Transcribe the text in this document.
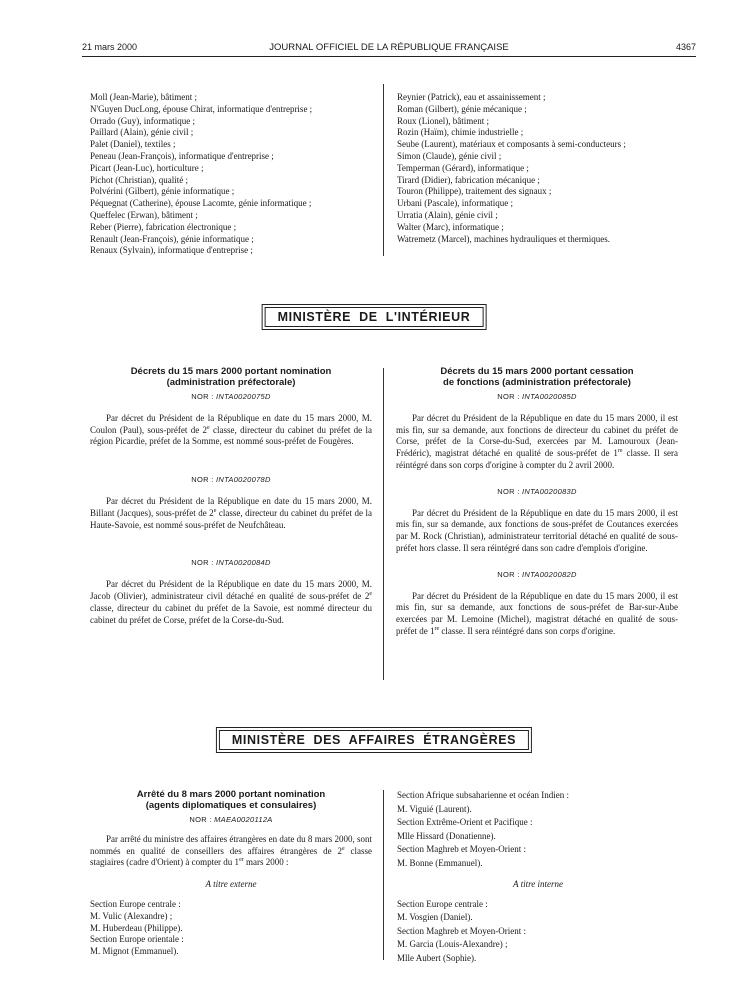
21 mars 2000	JOURNAL OFFICIEL DE LA RÉPUBLIQUE FRANÇAISE	4367
Moll (Jean-Marie), bâtiment ;
N'Guyen DucLong, épouse Chirat, informatique d'entreprise ;
Orrado (Guy), informatique ;
Paillard (Alain), génie civil ;
Palet (Daniel), textiles ;
Peneau (Jean-François), informatique d'entreprise ;
Picart (Jean-Luc), horticulture ;
Pichot (Christian), qualité ;
Polvérini (Gilbert), génie informatique ;
Péquegnat (Catherine), épouse Lacomte, génie informatique ;
Queffelec (Erwan), bâtiment ;
Reber (Pierre), fabrication électronique ;
Renault (Jean-François), génie informatique ;
Renaux (Sylvain), informatique d'entreprise ;
Reynier (Patrick), eau et assainissement ;
Roman (Gilbert), génie mécanique ;
Roux (Lionel), bâtiment ;
Rozin (Haïm), chimie industrielle ;
Seube (Laurent), matériaux et composants à semi-conducteurs ;
Simon (Claude), génie civil ;
Temperman (Gérard), informatique ;
Tirard (Didier), fabrication mécanique ;
Touron (Philippe), traitement des signaux ;
Urbani (Pascale), informatique ;
Urratia (Alain), génie civil ;
Walter (Marc), informatique ;
Watremetz (Marcel), machines hydrauliques et thermiques.
MINISTÈRE DE L'INTÉRIEUR
Décrets du 15 mars 2000 portant nomination
(administration préfectorale)
NOR : INTA0020075D
Par décret du Président de la République en date du 15 mars 2000, M. Coulon (Paul), sous-préfet de 2e classe, directeur du cabinet du préfet de la région Picardie, préfet de la Somme, est nommé sous-préfet de Fougères.
NOR : INTA0020078D
Par décret du Président de la République en date du 15 mars 2000, M. Billant (Jacques), sous-préfet de 2e classe, directeur du cabinet du préfet de la Haute-Savoie, est nommé sous-préfet de Neufchâteau.
NOR : INTA0020084D
Par décret du Président de la République en date du 15 mars 2000, M. Jacob (Olivier), administrateur civil détaché en qualité de sous-préfet de 2e classe, directeur du cabinet du préfet de la Savoie, est nommé directeur du cabinet du préfet de Corse, préfet de la Corse-du-Sud.
Décrets du 15 mars 2000 portant cessation
de fonctions (administration préfectorale)
NOR : INTA0020085D
Par décret du Président de la République en date du 15 mars 2000, il est mis fin, sur sa demande, aux fonctions de directeur du cabinet du préfet de Corse, préfet de la Corse-du-Sud, exercées par M. Lamouroux (Jean-Frédéric), magistrat détaché en qualité de sous-préfet de 1re classe. Il sera réintégré dans son corps d'origine à compter du 2 avril 2000.
NOR : INTA0020083D
Par décret du Président de la République en date du 15 mars 2000, il est mis fin, sur sa demande, aux fonctions de sous-préfet de Coutances exercées par M. Rock (Christian), administrateur territorial détaché en qualité de sous-préfet hors classe. Il sera réintégré dans son cadre d'emplois d'origine.
NOR : INTA0020082D
Par décret du Président de la République en date du 15 mars 2000, il est mis fin, sur sa demande, aux fonctions de sous-préfet de Bar-sur-Aube exercées par M. Lemoine (Michel), magistrat détaché en qualité de sous-préfet de 1re classe. Il sera réintégré dans son corps d'origine.
MINISTÈRE DES AFFAIRES ÉTRANGÈRES
Arrêté du 8 mars 2000 portant nomination
(agents diplomatiques et consulaires)
NOR : MAEA0020112A
Par arrêté du ministre des affaires étrangères en date du 8 mars 2000, sont nommés en qualité de conseillers des affaires étrangères de 2e classe stagiaires (cadre d'Orient) à compter du 1er mars 2000 :
A titre externe
Section Europe centrale :
M. Vulic (Alexandre) ;
M. Huberdeau (Philippe).
Section Europe orientale :
M. Mignot (Emmanuel).
Section Afrique subsaharienne et océan Indien :
M. Viguié (Laurent).
Section Extrême-Orient et Pacifique :
Mlle Hissard (Donatienne).
Section Maghreb et Moyen-Orient :
M. Bonne (Emmanuel).
A titre interne
Section Europe centrale :
M. Vosgien (Daniel).
Section Maghreb et Moyen-Orient :
M. Garcia (Louis-Alexandre) ;
Mlle Aubert (Sophie).
